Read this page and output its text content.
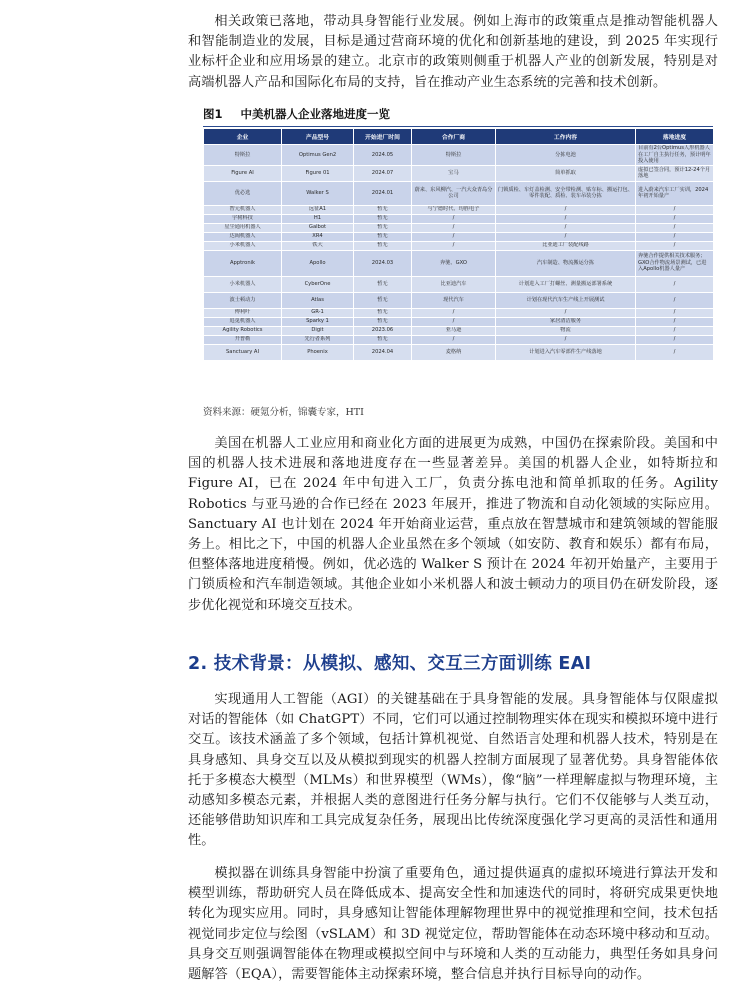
相关政策已落地，带动具身智能行业发展。例如上海市的政策重点是推动智能机器人和智能制造业的发展，目标是通过营商环境的优化和创新基地的建设，到 2025 年实现行业标杆企业和应用场景的建立。北京市的政策则侧重于机器人产业的创新发展，特别是对高端机器人产品和国际化布局的支持，旨在推动产业生态系统的完善和技术创新。

图1 中美机器人企业落地进度一览
企业	产品型号	开始进厂时间	合作厂商	工作内容	落地进度
特斯拉	Optimus Gen2	2024.05	特斯拉	分拣电池	目前有2台Optimus人形机器人在工厂自主执行任务，预计明年投入使用
Figure AI	Figure 01	2024.07	宝马	简单抓取	虚拟已签合同，预计12-24个月落地
优必选	Walker S	2024.01	蔚来、东风柳汽、一汽大众青岛分公司	门锁质检、车灯盖检测、安全带检测、贴车标、搬运打包、零件装配、质检、装车吊装分拣	进入蔚来汽车工厂实训，2024年初开始量产
智元机器人	远征A1	暂无	与宁德时代、均胜电子	/	/
宇树科技	H1	暂无	/	/	/
星尘通用机器人	Galbot	暂无	/	/	/
达闼机器人	XR4	暂无	/	/	/
小米机器人	铁大	暂无	/	比亚迪工厂装配线路	/
Apptronik	Apollo	2024.03	奔驰、GXO	汽车制造、物流搬运分拣	奔驰合作提供相关技术服务；GXO合作物流场景测试，已进入Apollo机器人量产
小米机器人	CyberOne	暂无	比亚迪汽车	计划进入工厂打螺丝、测量搬运部署系统	/
波士顿动力	Atlas	暂无	现代汽车	计划在现代汽车生产线上开展测试	/
傅利叶	GR-1	暂无	/	/	/
追觅机器人	Sparky 1	暂无	/	家居清洁服务	/
Agility Robotics	Digit	2023.06	亚马逊	物流	/
开普勒	先行者系列	暂无	/	/	/
Sanctuary AI	Phoenix	2024.04	麦格纳	计划进入汽车零部件生产线落地	/
资料来源：硬氪分析，锦囊专家，HTI

美国在机器人工业应用和商业化方面的进展更为成熟，中国仍在探索阶段。美国和中国的机器人技术进展和落地进度存在一些显著差异。美国的机器人企业，如特斯拉和 Figure AI，已在 2024 年中旬进入工厂，负责分拣电池和简单抓取的任务。Agility Robotics 与亚马逊的合作已经在 2023 年展开，推进了物流和自动化领域的实际应用。Sanctuary AI 也计划在 2024 年开始商业运营，重点放在智慧城市和建筑领域的智能服务上。相比之下，中国的机器人企业虽然在多个领域（如安防、教育和娱乐）都有布局，但整体落地进度稍慢。例如，优必选的 Walker S 预计在 2024 年初开始量产，主要用于门锁质检和汽车制造领域。其他企业如小米机器人和波士顿动力的项目仍在研发阶段，逐步优化视觉和环境交互技术。

2. 技术背景：从模拟、感知、交互三方面训练 EAI

实现通用人工智能（AGI）的关键基础在于具身智能的发展。具身智能体与仅限虚拟对话的智能体（如 ChatGPT）不同，它们可以通过控制物理实体在现实和模拟环境中进行交互。该技术涵盖了多个领域，包括计算机视觉、自然语言处理和机器人技术，特别是在具身感知、具身交互以及从模拟到现实的机器人控制方面展现了显著优势。具身智能体依托于多模态大模型（MLMs）和世界模型（WMs），像“脑”一样理解虚拟与物理环境，主动感知多模态元素，并根据人类的意图进行任务分解与执行。它们不仅能够与人类互动，还能够借助知识库和工具完成复杂任务，展现出比传统深度强化学习更高的灵活性和通用性。

模拟器在训练具身智能中扮演了重要角色，通过提供逼真的虚拟环境进行算法开发和模型训练，帮助研究人员在降低成本、提高安全性和加速迭代的同时，将研究成果更快地转化为现实应用。同时，具身感知让智能体理解物理世界中的视觉推理和空间，技术包括视觉同步定位与绘图（vSLAM）和 3D 视觉定位，帮助智能体在动态环境中移动和互动。具身交互则强调智能体在物理或模拟空间中与环境和人类的互动能力，典型任务如具身问题解答（EQA），需要智能体主动探索环境，整合信息并执行目标导向的动作。
